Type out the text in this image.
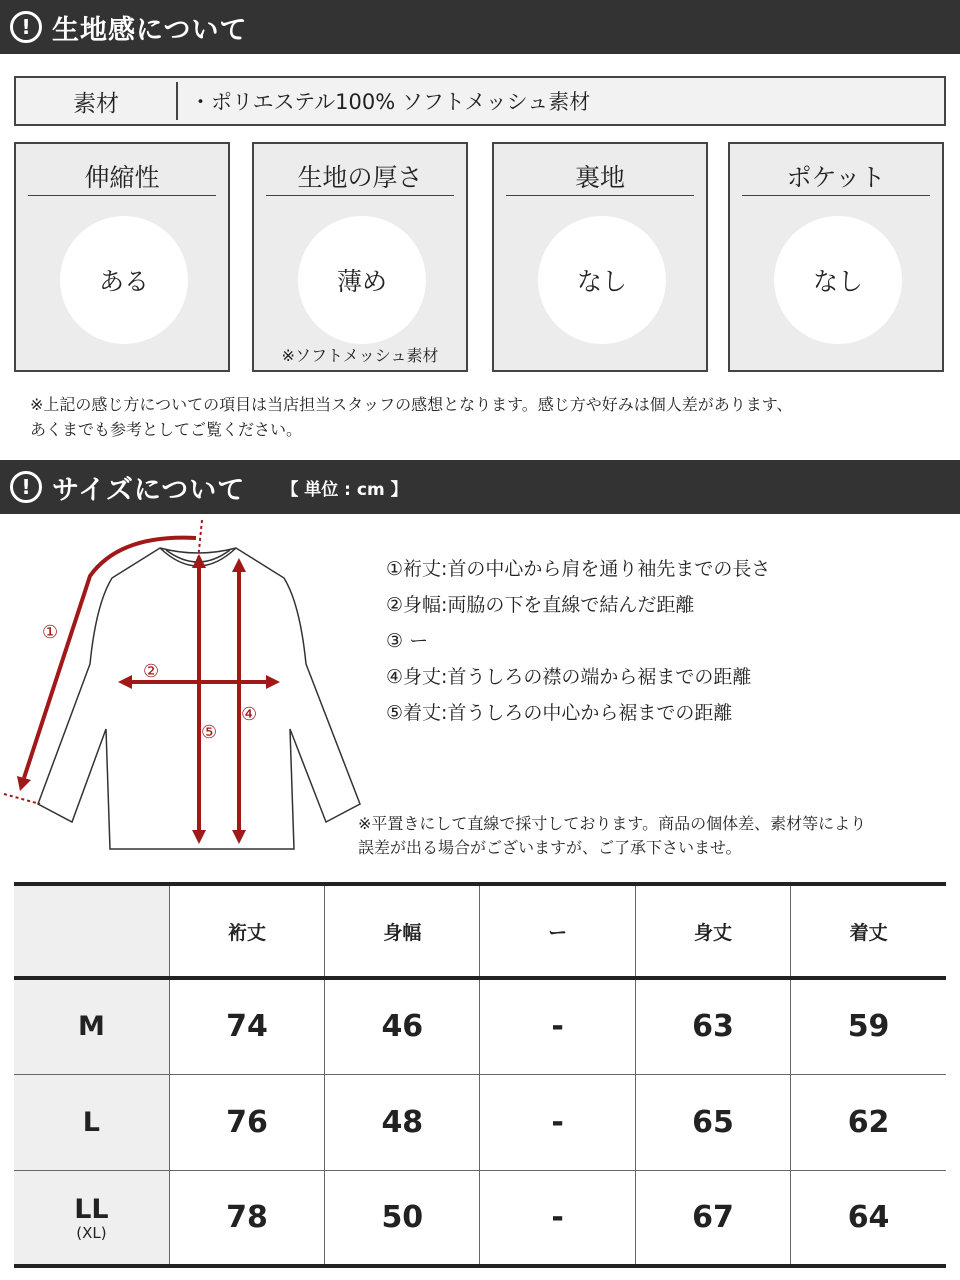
! 生地感について
素材	・ポリエステル100% ソフトメッシュ素材
伸縮性
ある
生地の厚さ
薄め
※ソフトメッシュ素材
裏地
なし
ポケット
なし
※上記の感じ方についての項目は当店担当スタッフの感想となります。感じ方や好みは個人差があります、
あくまでも参考としてご覧ください。
! サイズについて 【 単位 : cm 】
①
②
④
⑤
①裄丈:首の中心から肩を通り袖先までの長さ
②身幅:両脇の下を直線で結んだ距離
③ ー
④身丈:首うしろの襟の端から裾までの距離
⑤着丈:首うしろの中心から裾までの距離
※平置きにして直線で採寸しております。商品の個体差、素材等により
誤差が出る場合がございますが、ご了承下さいませ。
	裄丈	身幅	ー	身丈	着丈
M	74	46	-	63	59
L	76	48	-	65	62
LL
(XL)	78	50	-	67	64
